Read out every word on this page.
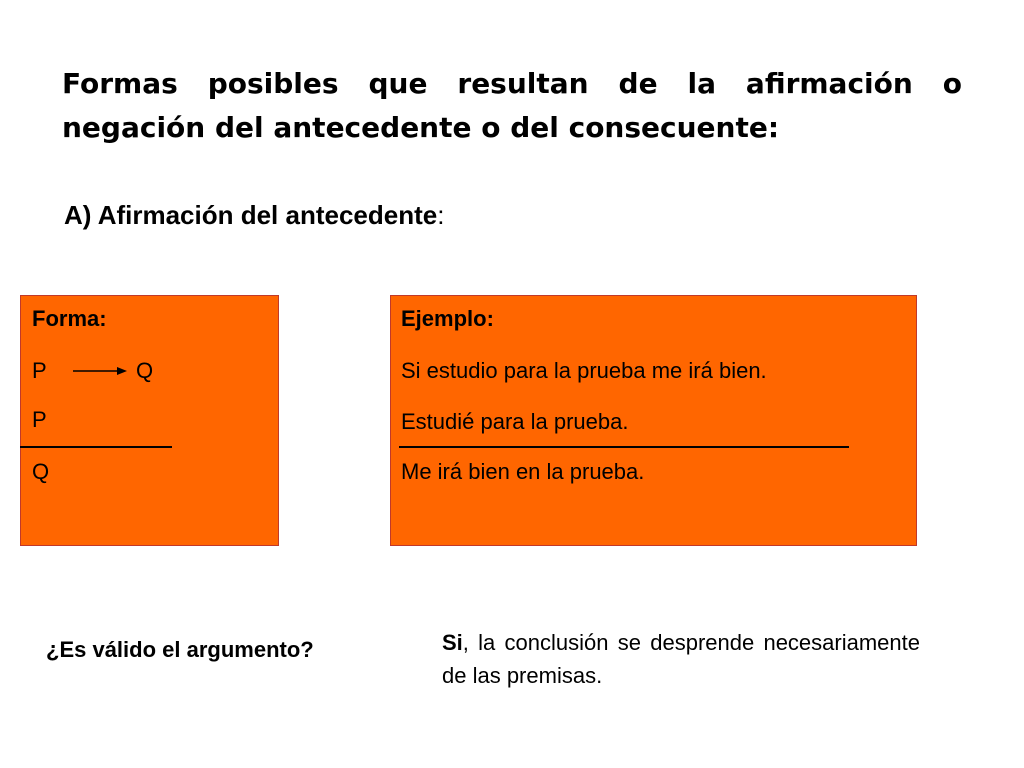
Formas posibles que resultan de la afirmación o negación del antecedente o del consecuente:

A) Afirmación del antecedente:

Forma:
P	Q
P
Q
Ejemplo:
Si estudio para la prueba me irá bien.
Estudié para la prueba.
Me irá bien en la prueba.

¿Es válido el argumento?	Si, la conclusión se desprende necesariamente de las premisas.
